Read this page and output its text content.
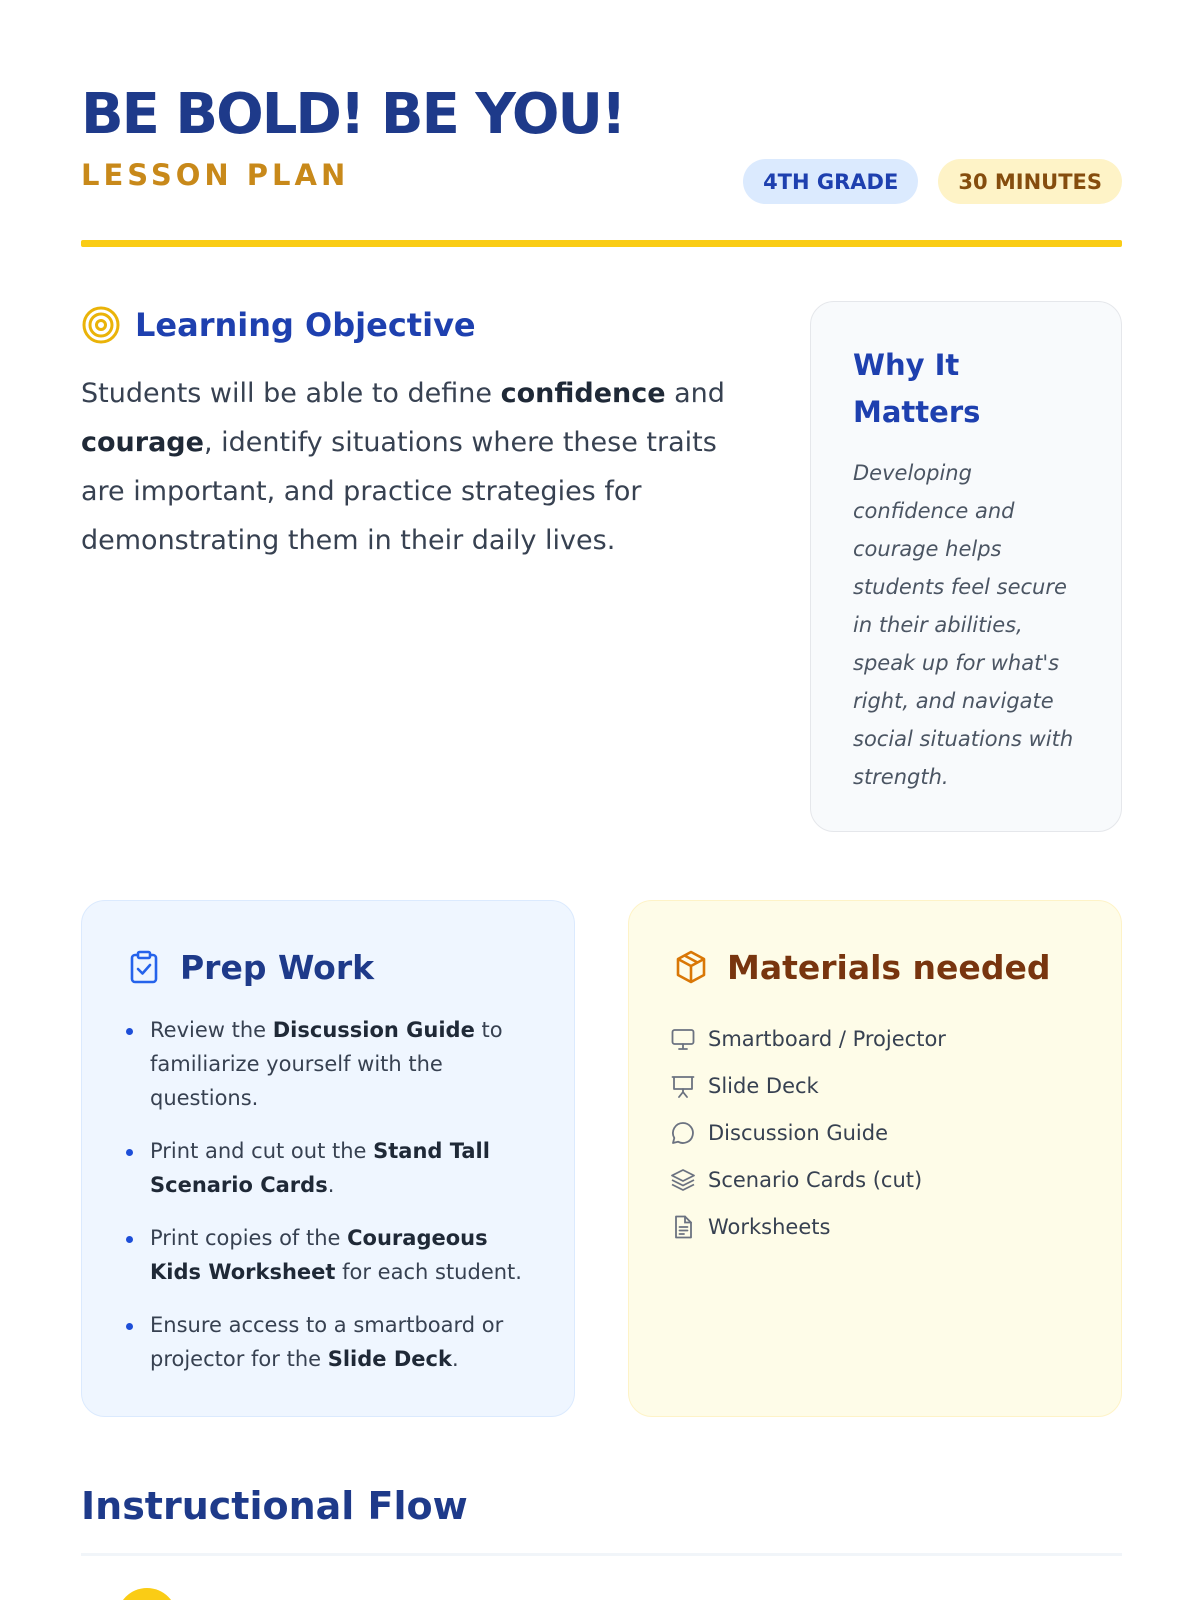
BE BOLD! BE YOU!
LESSON PLAN	4TH GRADE	30 MINUTES
Learning Objective

Students will be able to define confidence and courage, identify situations where these traits are important, and practice strategies for demonstrating them in their daily lives.

Why It Matters

Developing confidence and courage helps students feel secure in their abilities, speak up for what's right, and navigate social situations with strength.

Prep Work
Review the Discussion Guide to familiarize yourself with the questions.
Print and cut out the Stand Tall Scenario Cards.
Print copies of the Courageous Kids Worksheet for each student.
Ensure access to a smartboard or projector for the Slide Deck.
Materials needed
Smartboard / Projector
Slide Deck
Discussion Guide
Scenario Cards (cut)
Worksheets
Instructional Flow
